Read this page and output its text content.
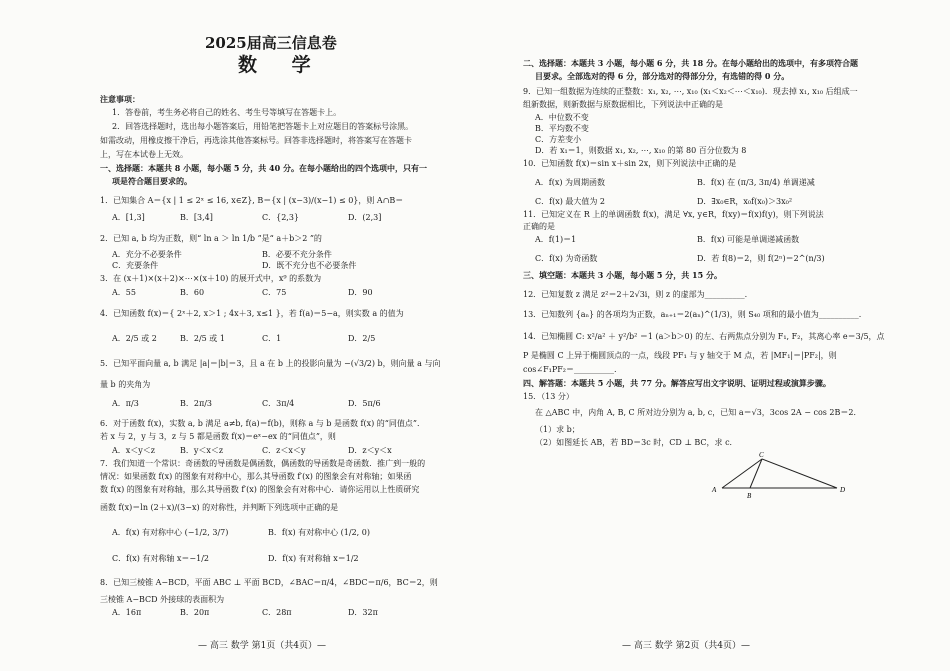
2025届高三信息卷
数 学
注意事项：
1．答卷前，考生务必将自己的姓名、考生号等填写在答题卡上。
2．回答选择题时，选出每小题答案后，用铅笔把答题卡上对应题目的答案标号涂黑。
如需改动，用橡皮擦干净后，再选涂其他答案标号。回答非选择题时，将答案写在答题卡
上，写在本试卷上无效。
一、选择题：本题共 8 小题，每小题 5 分，共 40 分。在每小题给出的四个选项中，只有一
项是符合题目要求的。
1．已知集合 A＝{x | 1 ≤ 2ˣ ≤ 16, x∈Z}, B＝{x | (x−3)/(x−1) ≤ 0}，则 A∩B＝
A．[1,3]	B．[3,4]	C．{2,3}	D．(2,3]
2．已知 a, b 均为正数，则“ ln a ＞ ln 1/b ”是“ a＋b＞2 ”的
A．充分不必要条件	B．必要不充分条件
C．充要条件	D．既不充分也不必要条件
3．在 (x＋1)×(x＋2)×⋯×(x＋10) 的展开式中，x⁹ 的系数为
A．55	B．60	C．75	D．90
4．已知函数 f(x)＝{ 2ˣ＋2, x＞1 ; 4x＋3, x≤1 }，若 f(a)＝5−a，则实数 a 的值为
A．2/5 或 2	B．2/5 或 1	C．1	D．2/5
5．已知平面向量 a, b 满足 |a|＝|b|＝3，且 a 在 b 上的投影向量为 −(√3/2) b，则向量 a 与向
量 b 的夹角为
A．π/3	B．2π/3	C．3π/4	D．5π/6
6．对于函数 f(x)，实数 a, b 满足 a≠b, f(a)＝f(b)，则称 a 与 b 是函数 f(x) 的“同值点”．
若 x 与 2，y 与 3，z 与 5 都是函数 f(x)＝eˣ−ex 的“同值点”，则
A．x＜y＜z	B．y＜x＜z	C．z＜x＜y	D．z＜y＜x
7．我们知道一个常识：奇函数的导函数是偶函数，偶函数的导函数是奇函数．推广到一般的
情况：如果函数 f(x) 的图象有对称中心，那么其导函数 f′(x) 的图象会有对称轴；如果函
数 f(x) 的图象有对称轴，那么其导函数 f′(x) 的图象会有对称中心．请你运用以上性质研究
函数 f(x)＝ln (2＋x)/(3−x) 的对称性，并判断下列选项中正确的是
A．f(x) 有对称中心 (−1/2, 3/7)	B．f(x) 有对称中心 (1/2, 0)
C．f(x) 有对称轴 x＝−1/2	D．f(x) 有对称轴 x＝1/2
8．已知三棱锥 A−BCD，平面 ABC ⊥ 平面 BCD，∠BAC＝π/4，∠BDC＝π/6，BC＝2，则
三棱锥 A−BCD 外接球的表面积为
A．16π	B．20π	C．28π	D．32π
— 高三 数学 第1页（共4页）—
二、选择题：本题共 3 小题，每小题 6 分，共 18 分。在每小题给出的选项中，有多项符合题
目要求。全部选对的得 6 分，部分选对的得部分分，有选错的得 0 分。
9．已知一组数据为连续的正整数：x₁, x₂, ⋯, x₁₀ (x₁＜x₂＜⋯＜x₁₀)．现去掉 x₁, x₁₀ 后组成一
组新数据，则新数据与原数据相比，下列说法中正确的是
A．中位数不变
B．平均数不变
C．方差变小
D．若 x₁＝1，则数据 x₁, x₂, ⋯, x₁₀ 的第 80 百分位数为 8
10．已知函数 f(x)＝sin x＋sin 2x，则下列说法中正确的是
A．f(x) 为周期函数	B．f(x) 在 (π/3, 3π/4) 单调递减
C．f(x) 最大值为 2	D．∃x₀∈R，x₀f(x₀)＞3x₀²
11．已知定义在 R 上的单调函数 f(x)，满足 ∀x, y∈R，f(xy)＝f(x)f(y)，则下列说法
正确的是
A．f(1)＝1	B．f(x) 可能是单调递减函数
C．f(x) 为奇函数	D．若 f(8)＝2，则 f(2ⁿ)＝2^(n/3)
三、填空题：本题共 3 小题，每小题 5 分，共 15 分。
12．已知复数 z 满足 z²＝2＋2√3i，则 z 的虚部为__________.
13．已知数列 {aₙ} 的各项均为正数，aₙ₊₁＝2(aₙ)^(1/3)，则 S₄₀ 项和的最小值为__________.
14．已知椭圆 C: x²/a² ＋ y²/b² ＝1 (a＞b＞0) 的左、右两焦点分别为 F₁, F₂，其离心率 e＝3/5，点
P 是椭圆 C 上异于椭圆顶点的一点，线段 PF₁ 与 y 轴交于 M 点，若 |MF₁|＝|PF₂|，则
cos∠F₁PF₂＝__________.
四、解答题：本题共 5 小题，共 77 分。解答应写出文字说明、证明过程或演算步骤。
15．（13 分）
在 △ABC 中，内角 A, B, C 所对边分别为 a, b, c，已知 a＝√3，3cos 2A − cos 2B＝2．
（1）求 b；
（2）如图延长 AB，若 BD＝3c 时，CD ⊥ BC，求 c．
A
B
C
D
— 高三 数学 第2页（共4页）—
